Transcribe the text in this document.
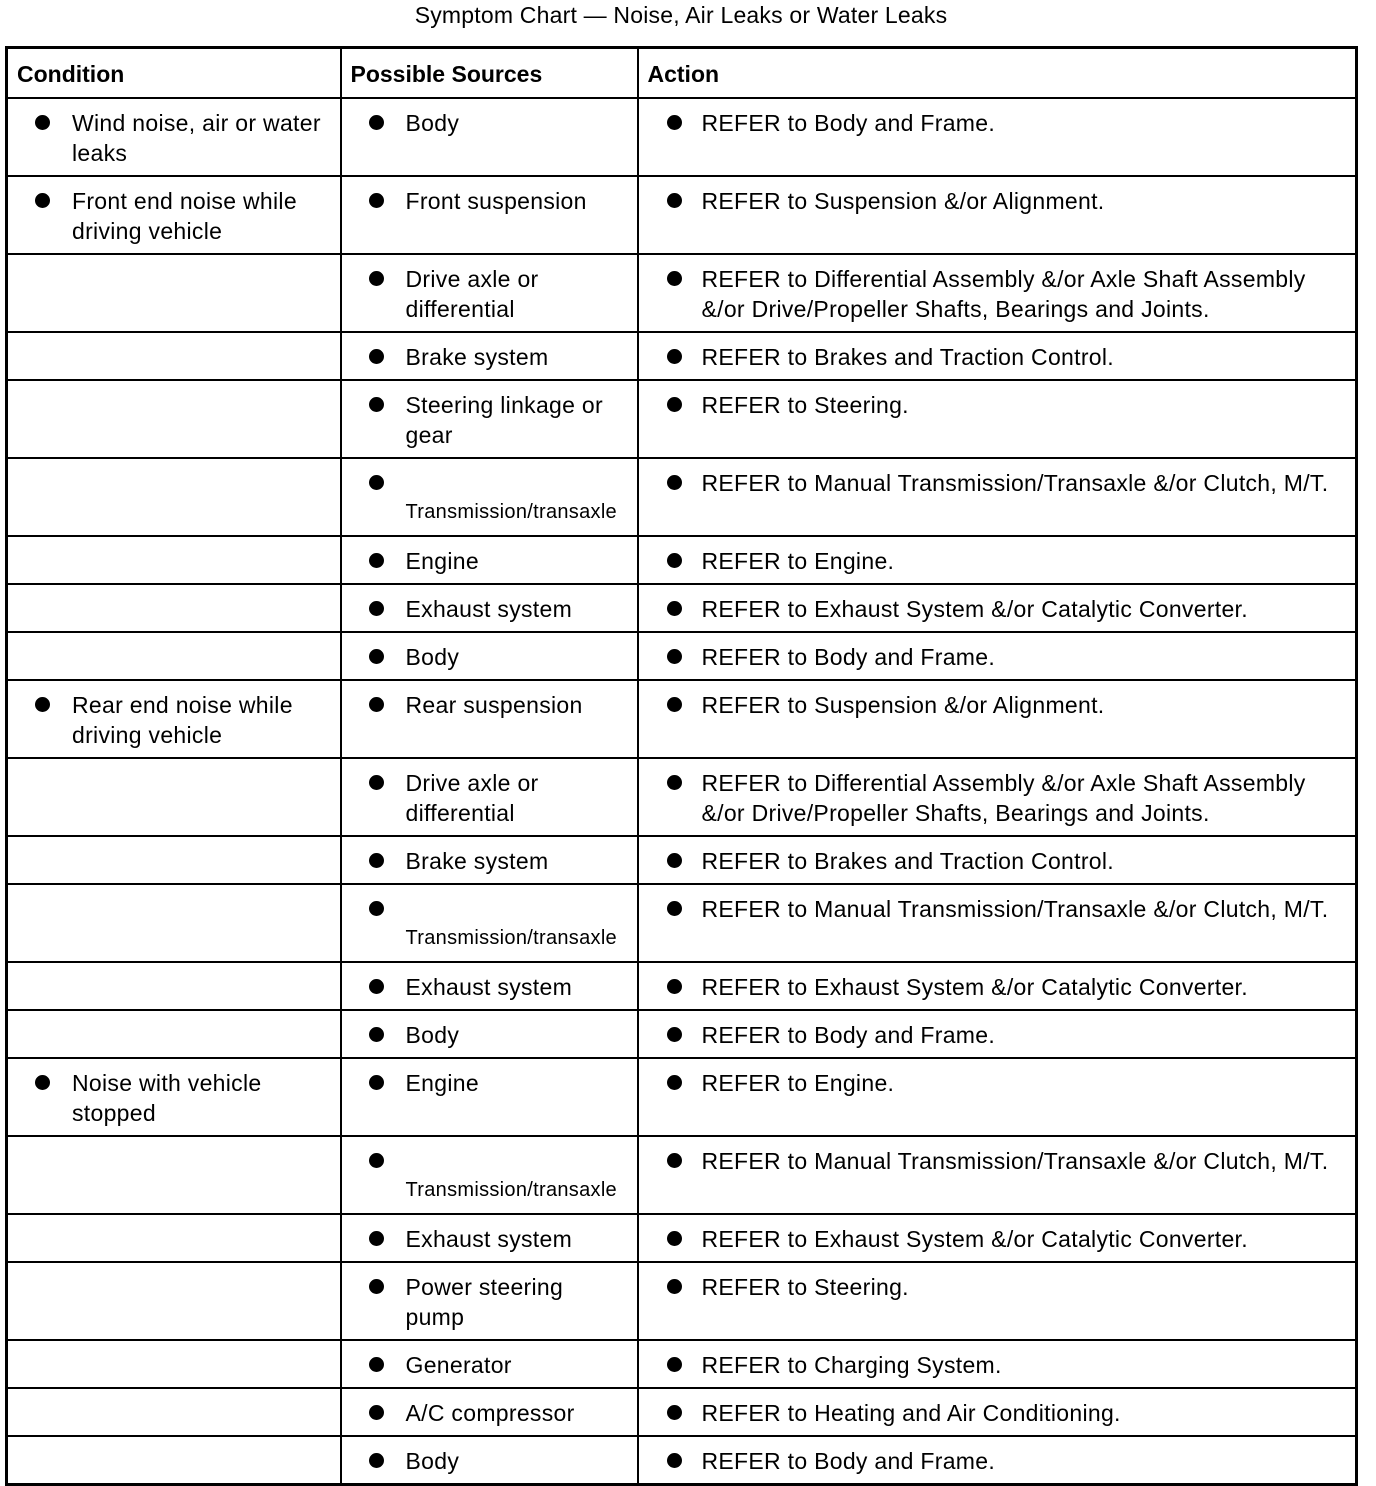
Symptom Chart — Noise, Air Leaks or Water Leaks
Condition	Possible Sources	Action

Wind noise, air or water leaks	Body	REFER to Body and Frame.

Front end noise while driving vehicle	Front suspension	REFER to Suspension &/or Alignment.

	Drive axle or differential	REFER to Differential Assembly &/or Axle Shaft Assembly &/or Drive/Propeller Shafts, Bearings and Joints.

	Brake system	REFER to Brakes and Traction Control.

	Steering linkage or gear	REFER to Steering.

	Transmission/transaxle	REFER to Manual Transmission/Transaxle &/or Clutch, M/T.

	Engine	REFER to Engine.

	Exhaust system	REFER to Exhaust System &/or Catalytic Converter.

	Body	REFER to Body and Frame.

Rear end noise while driving vehicle	Rear suspension	REFER to Suspension &/or Alignment.

	Drive axle or differential	REFER to Differential Assembly &/or Axle Shaft Assembly &/or Drive/Propeller Shafts, Bearings and Joints.

	Brake system	REFER to Brakes and Traction Control.

	Transmission/transaxle	REFER to Manual Transmission/Transaxle &/or Clutch, M/T.

	Exhaust system	REFER to Exhaust System &/or Catalytic Converter.

	Body	REFER to Body and Frame.

Noise with vehicle stopped	Engine	REFER to Engine.

	Transmission/transaxle	REFER to Manual Transmission/Transaxle &/or Clutch, M/T.

	Exhaust system	REFER to Exhaust System &/or Catalytic Converter.

	Power steering pump	REFER to Steering.

	Generator	REFER to Charging System.

	A/C compressor	REFER to Heating and Air Conditioning.

	Body	REFER to Body and Frame.
